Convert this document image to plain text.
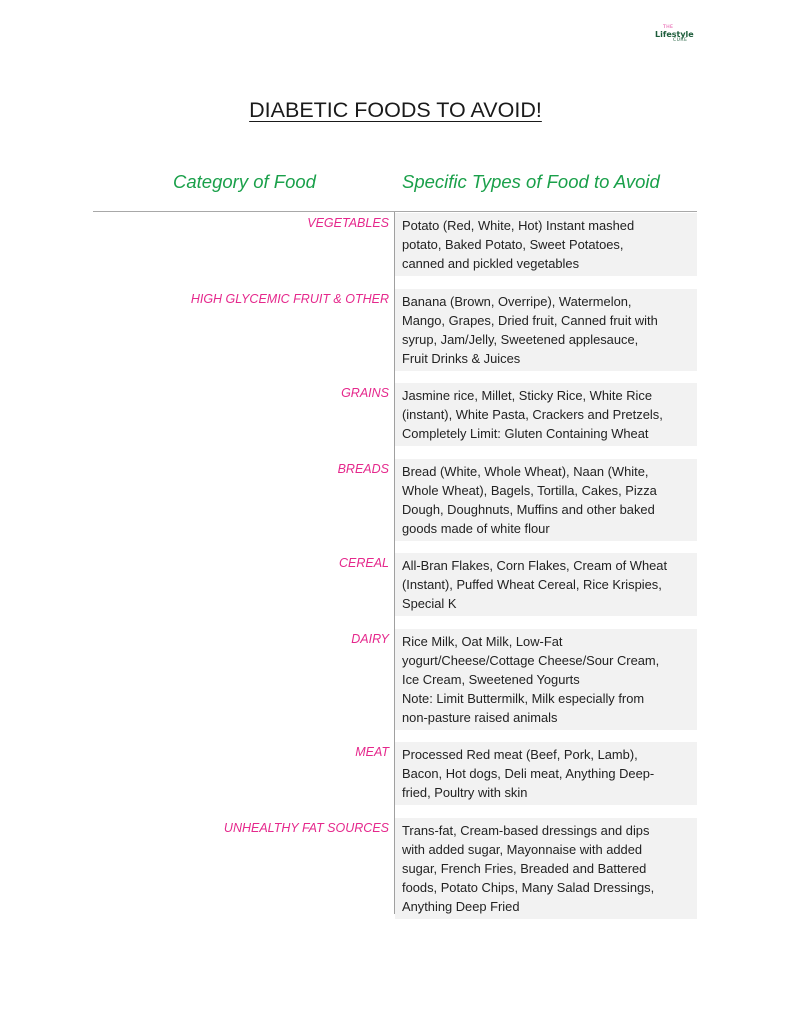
THE
Lifestyle
CURE
DIABETIC FOODS TO AVOID!
Category of Food	Specific Types of Food to Avoid
VEGETABLES Potato (Red, White, Hot) Instant mashed
potato, Baked Potato, Sweet Potatoes,
canned and pickled vegetables

HIGH GLYCEMIC FRUIT & OTHER Banana (Brown, Overripe), Watermelon,
Mango, Grapes, Dried fruit, Canned fruit with
syrup, Jam/Jelly, Sweetened applesauce,
Fruit Drinks & Juices

GRAINS Jasmine rice, Millet, Sticky Rice, White Rice
(instant), White Pasta, Crackers and Pretzels,
Completely Limit: Gluten Containing Wheat

BREADS Bread (White, Whole Wheat), Naan (White,
Whole Wheat), Bagels, Tortilla, Cakes, Pizza
Dough, Doughnuts, Muffins and other baked
goods made of white flour

CEREAL All-Bran Flakes, Corn Flakes, Cream of Wheat
(Instant), Puffed Wheat Cereal, Rice Krispies,
Special K

DAIRY Rice Milk, Oat Milk, Low-Fat
yogurt/Cheese/Cottage Cheese/Sour Cream,
Ice Cream, Sweetened Yogurts
Note: Limit Buttermilk, Milk especially from
non-pasture raised animals

MEAT Processed Red meat (Beef, Pork, Lamb),
Bacon, Hot dogs, Deli meat, Anything Deep-
fried, Poultry with skin

UNHEALTHY FAT SOURCES Trans-fat, Cream-based dressings and dips
with added sugar, Mayonnaise with added
sugar, French Fries, Breaded and Battered
foods, Potato Chips, Many Salad Dressings,
Anything Deep Fried
